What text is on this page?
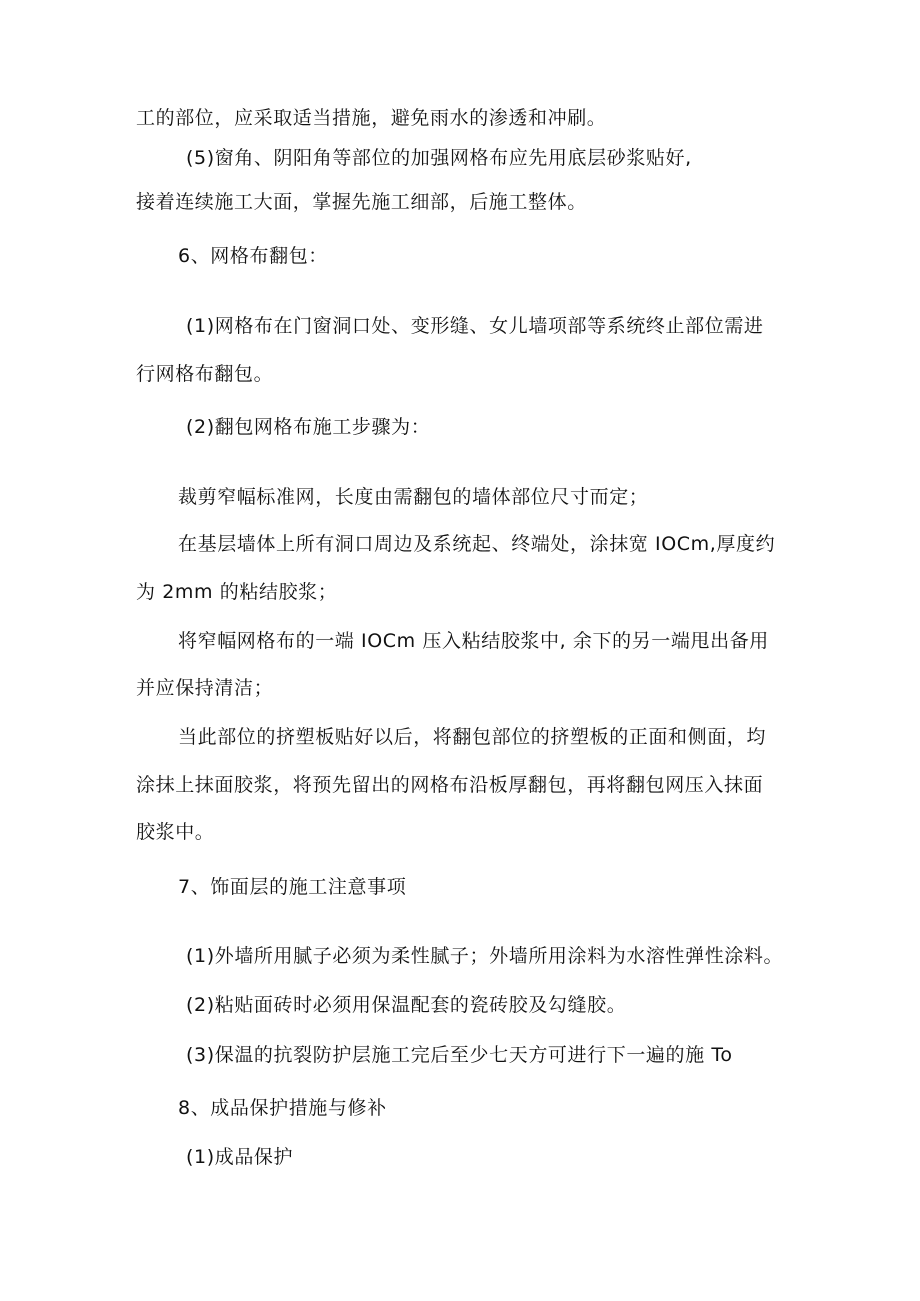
工的部位，应采取适当措施，避免雨水的渗透和冲刷。
(5)窗角、阴阳角等部位的加强网格布应先用底层砂浆贴好,
接着连续施工大面，掌握先施工细部，后施工整体。
6、网格布翻包：
(1)网格布在门窗洞口处、变形缝、女儿墙项部等系统终止部位需进
行网格布翻包。
(2)翻包网格布施工步骤为：
裁剪窄幅标准网，长度由需翻包的墙体部位尺寸而定；
在基层墙体上所有洞口周边及系统起、终端处，涂抹宽 IOCm,厚度约
为 2mm 的粘结胶浆；
将窄幅网格布的一端 IOCm 压入粘结胶浆中, 余下的另一端甩出备用
并应保持清洁；
当此部位的挤塑板贴好以后，将翻包部位的挤塑板的正面和侧面，均
涂抹上抹面胶浆，将预先留出的网格布沿板厚翻包，再将翻包网压入抹面
胶浆中。
7、饰面层的施工注意事项
(1)外墙所用腻子必须为柔性腻子；外墙所用涂料为水溶性弹性涂料。
(2)粘贴面砖时必须用保温配套的瓷砖胶及勾缝胶。
(3)保温的抗裂防护层施工完后至少七天方可进行下一遍的施 To
8、成品保护措施与修补
(1)成品保护
